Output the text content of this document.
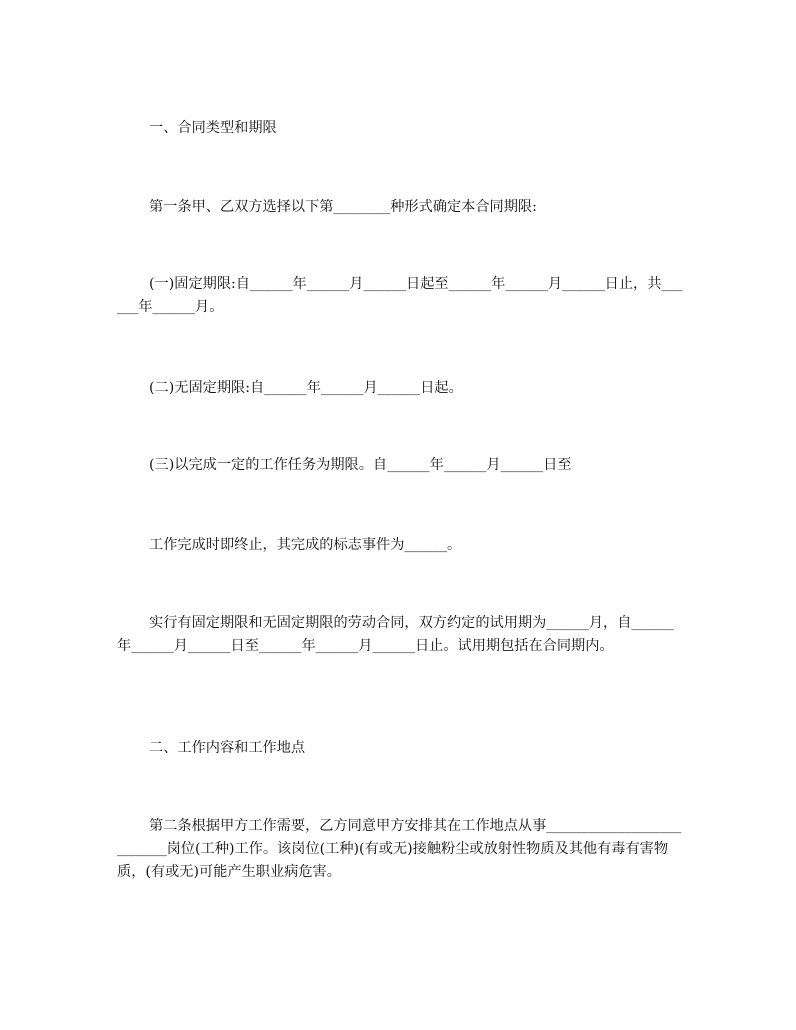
一、合同类型和期限

第一条甲、乙双方选择以下第________种形式确定本合同期限:

(一)固定期限:自______年______月______日起至______年______月______日止，共______年______月。

(二)无固定期限:自______年______月______日起。

(三)以完成一定的工作任务为期限。自______年______月______日至

工作完成时即终止，其完成的标志事件为______。

实行有固定期限和无固定期限的劳动合同，双方约定的试用期为______月，自______年______月______日至______年______月______日止。试用期包括在合同期内。

二、工作内容和工作地点

第二条根据甲方工作需要，乙方同意甲方安排其在工作地点从事__________________________岗位(工种)工作。该岗位(工种)(有或无)接触粉尘或放射性物质及其他有毒有害物质，(有或无)可能产生职业病危害。
